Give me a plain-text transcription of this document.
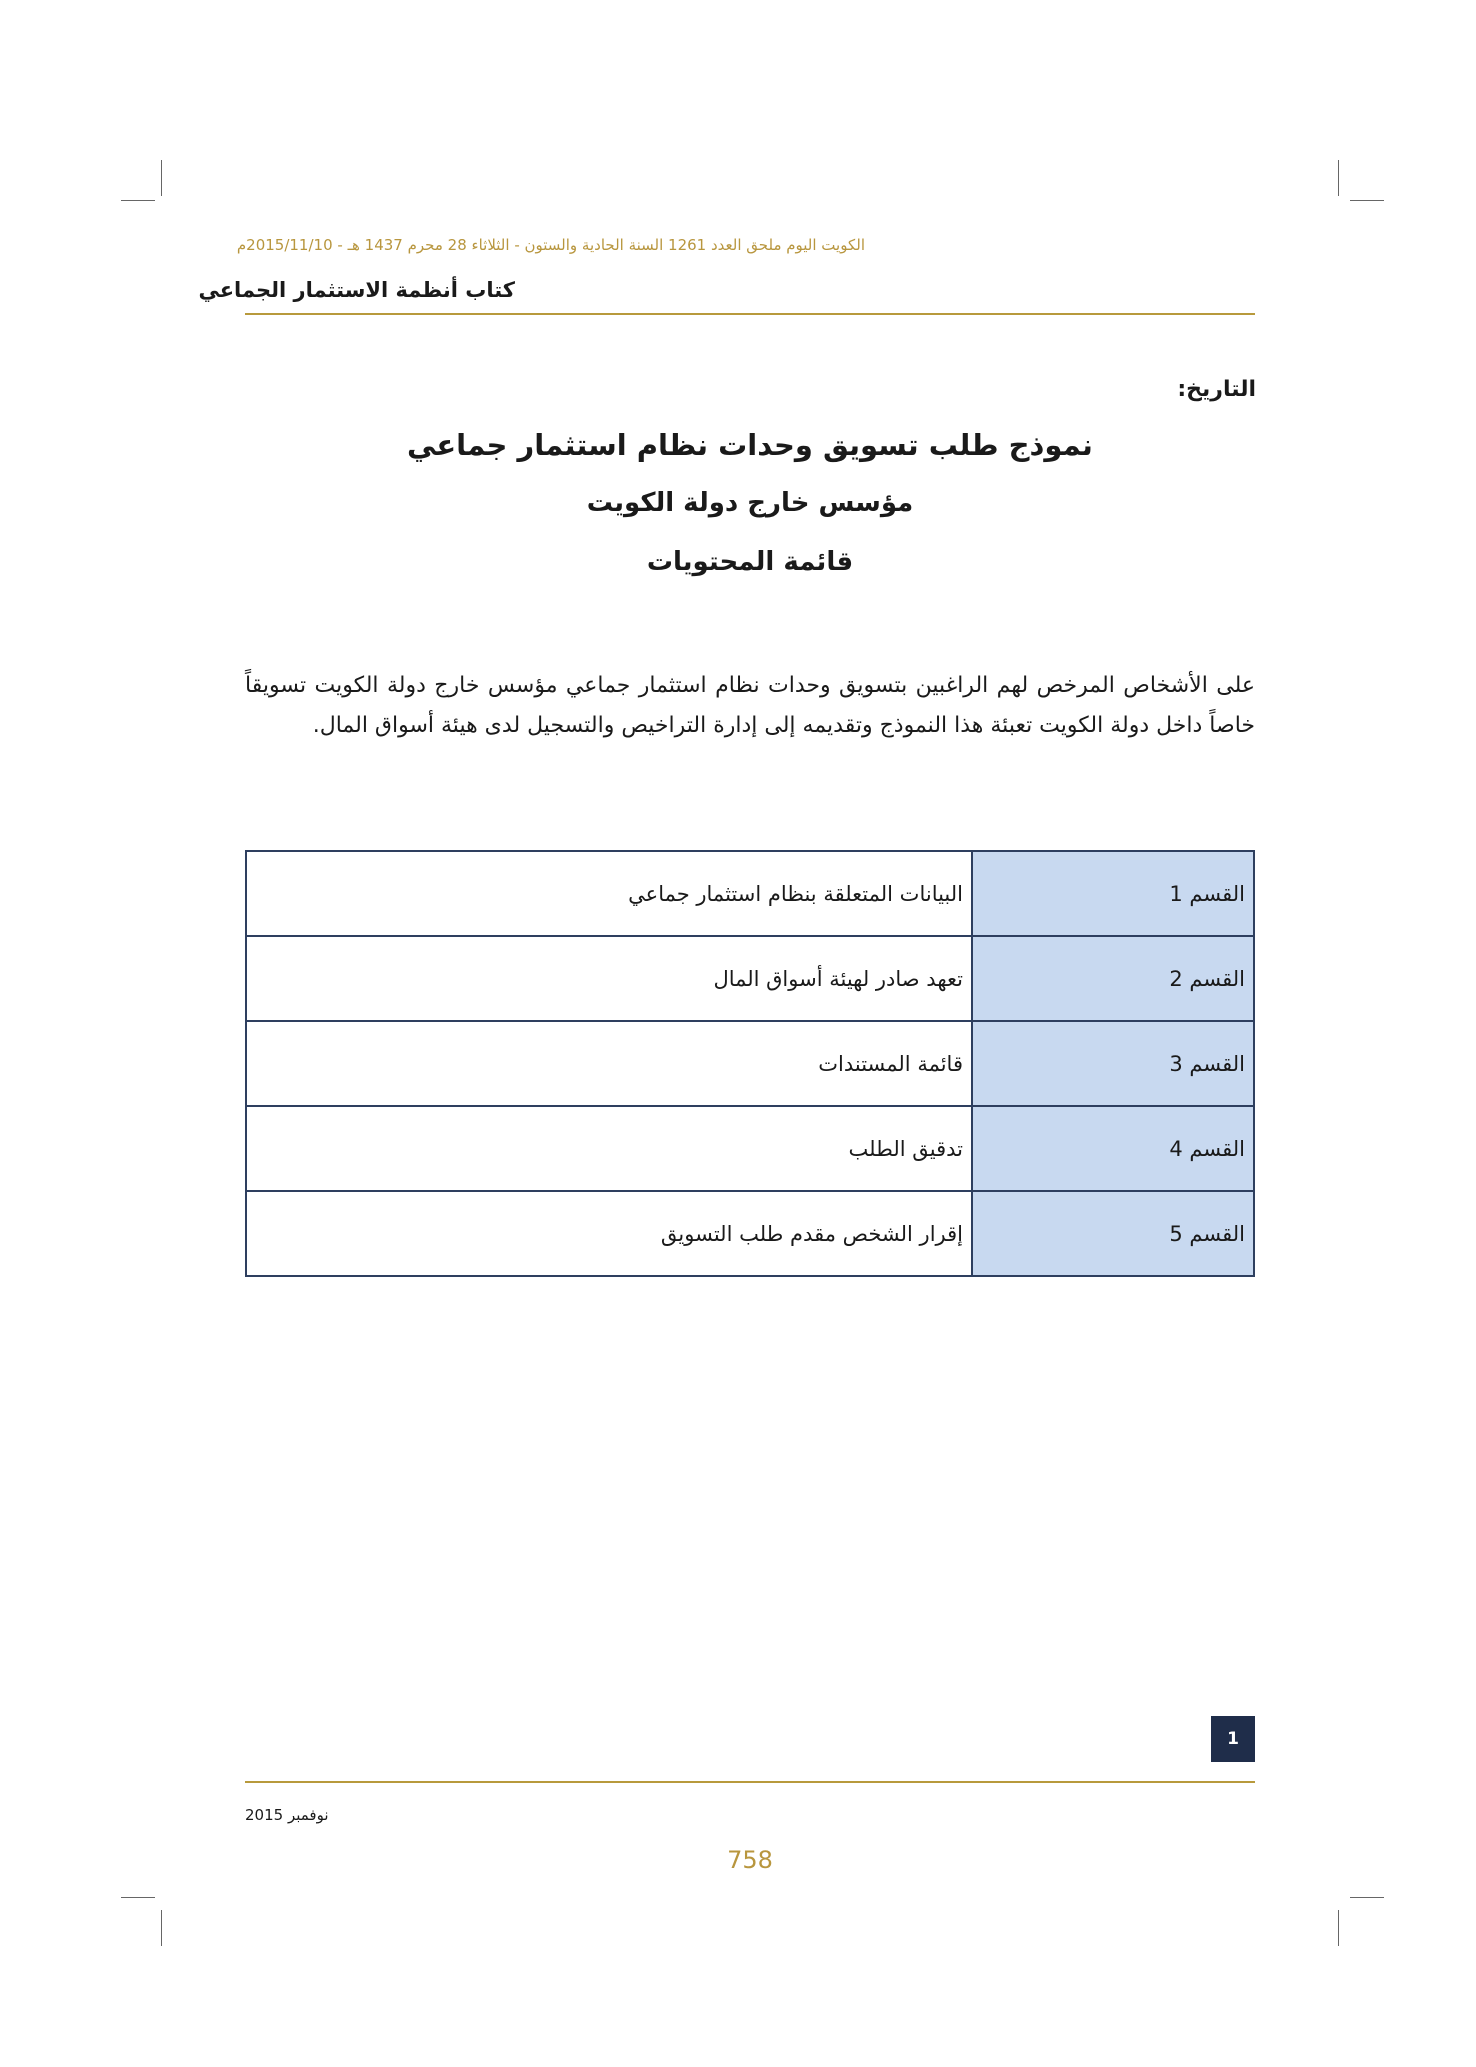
الكويت اليوم ملحق العدد 1261 السنة الحادية والستون - الثلاثاء 28 محرم 1437 هـ - 2015/11/10م
كتاب أنظمة الاستثمار الجماعي
التاريخ:
نموذج طلب تسويق وحدات نظام استثمار جماعي
مؤسس خارج دولة الكويت
قائمة المحتويات
على الأشخاص المرخص لهم الراغبين بتسويق وحدات نظام استثمار جماعي مؤسس خارج دولة الكويت تسويقاً خاصاً داخل دولة الكويت تعبئة هذا النموذج وتقديمه إلى إدارة التراخيص والتسجيل لدى هيئة أسواق المال.
القسم 1	البيانات المتعلقة بنظام استثمار جماعي
القسم 2	تعهد صادر لهيئة أسواق المال
القسم 3	قائمة المستندات
القسم 4	تدقيق الطلب
القسم 5	إقرار الشخص مقدم طلب التسويق
1
نوفمبر 2015
758
